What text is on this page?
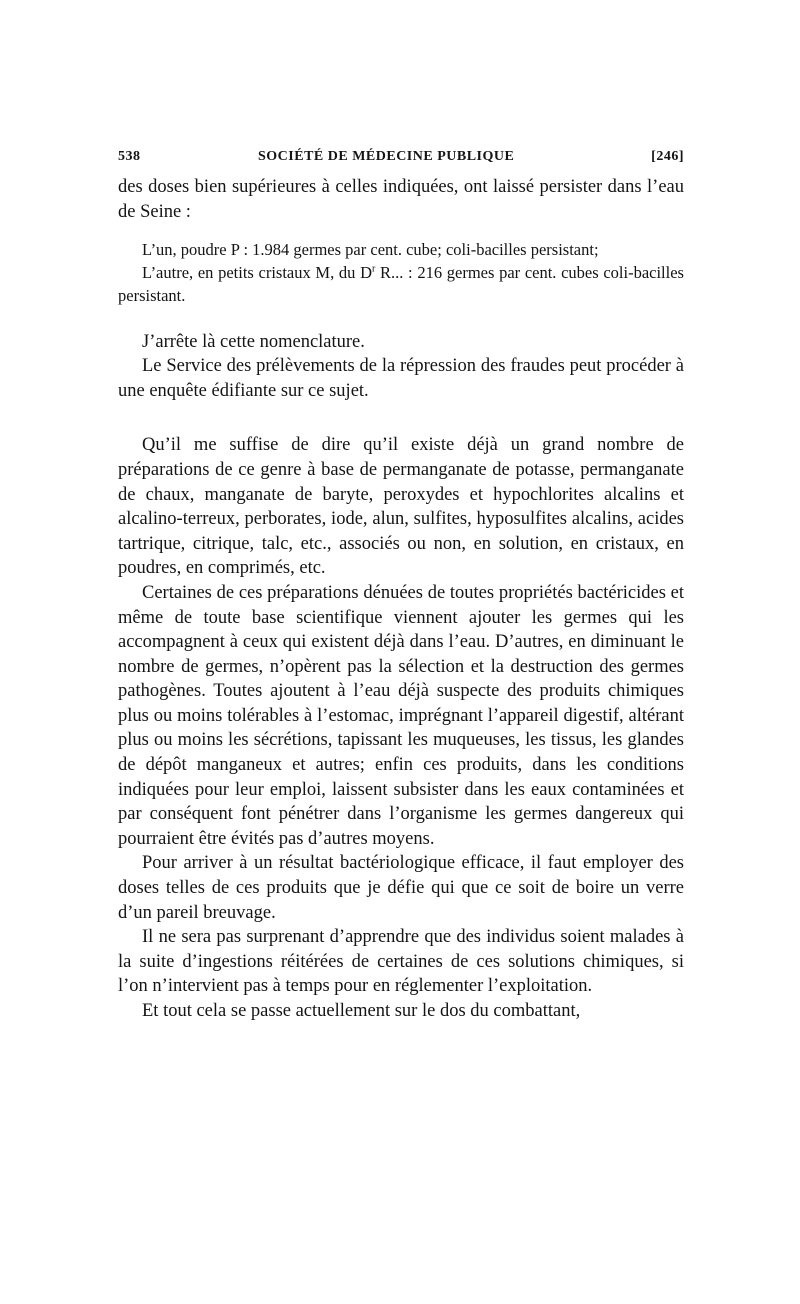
538	SOCIÉTÉ DE MÉDECINE PUBLIQUE	[246]

des doses bien supérieures à celles indiquées, ont laissé persister dans l’eau de Seine :

L’un, poudre P : 1.984 germes par cent. cube; coli-bacilles persistant;

L’autre, en petits cristaux M, du $D^r$ R... : 216 germes par cent. cubes coli-bacilles persistant.

J’arrête là cette nomenclature.

Le Service des prélèvements de la répression des fraudes peut procéder à une enquête édifiante sur ce sujet.

Qu’il me suffise de dire qu’il existe déjà un grand nombre de préparations de ce genre à base de permanganate de potasse, permanganate de chaux, manganate de baryte, peroxydes et hypochlorites alcalins et alcalino-terreux, perborates, iode, alun, sulfites, hyposulfites alcalins, acides tartrique, citrique, talc, etc., associés ou non, en solution, en cristaux, en poudres, en comprimés, etc.

Certaines de ces préparations dénuées de toutes propriétés bactéricides et même de toute base scientifique viennent ajouter les germes qui les accompagnent à ceux qui existent déjà dans l’eau. D’autres, en diminuant le nombre de germes, n’opèrent pas la sélection et la destruction des germes pathogènes. Toutes ajoutent à l’eau déjà suspecte des produits chimiques plus ou moins tolérables à l’estomac, imprégnant l’appareil digestif, altérant plus ou moins les sécrétions, tapissant les muqueuses, les tissus, les glandes de dépôt manganeux et autres; enfin ces produits, dans les conditions indiquées pour leur emploi, laissent subsister dans les eaux contaminées et par conséquent font pénétrer dans l’organisme les germes dangereux qui pourraient être évités pas d’autres moyens.

Pour arriver à un résultat bactériologique efficace, il faut employer des doses telles de ces produits que je défie qui que ce soit de boire un verre d’un pareil breuvage.

Il ne sera pas surprenant d’apprendre que des individus soient malades à la suite d’ingestions réitérées de certaines de ces solutions chimiques, si l’on n’intervient pas à temps pour en réglementer l’exploitation.

Et tout cela se passe actuellement sur le dos du combattant,
